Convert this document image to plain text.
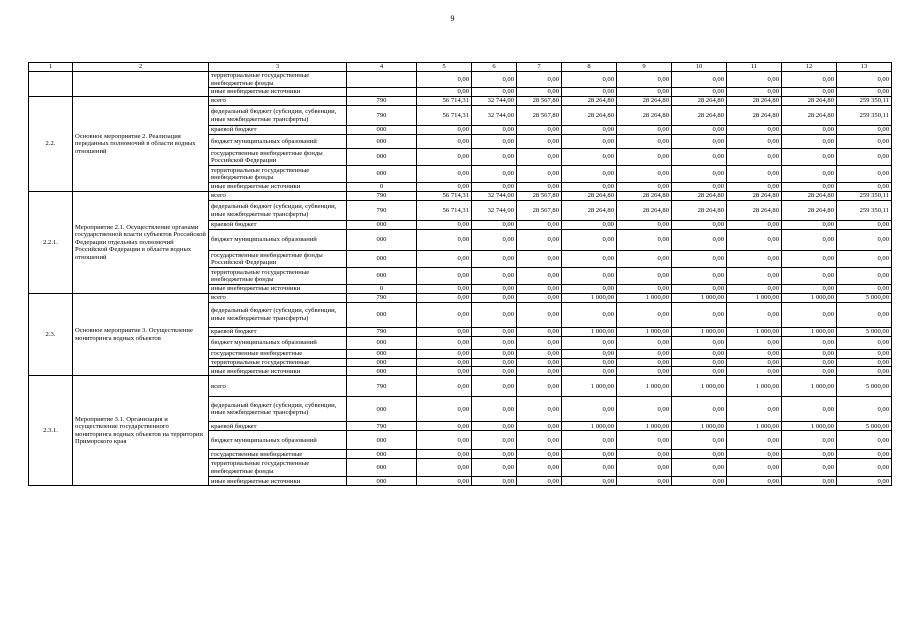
9
1	2	3	4	5	6	7	8	9	10	11	12	13
		территориальные государственные внебюджетные фонды		0,00	0,00	0,00	0,00	0,00	0,00	0,00	0,00	0,00
		иные внебюджетные источники		0,00	0,00	0,00	0,00	0,00	0,00	0,00	0,00	0,00
2.2.	Основное мероприятие 2. Реализация переданных полномочий в области водных отношений	всего	790	56 714,31	32 744,00	28 567,80	28 264,80	28 264,80	28 264,80	28 264,80	28 264,80	259 350,11
		федеральный бюджет (субсидии, субвенции, иные межбюджетные трансферты)	790	56 714,31	32 744,00	28 567,80	28 264,80	28 264,80	28 264,80	28 264,80	28 264,80	259 350,11
		краевой бюджет	000	0,00	0,00	0,00	0,00	0,00	0,00	0,00	0,00	0,00
		бюджет муниципальных образований	000	0,00	0,00	0,00	0,00	0,00	0,00	0,00	0,00	0,00
		государственные внебюджетные фонды Российской Федерации	000	0,00	0,00	0,00	0,00	0,00	0,00	0,00	0,00	0,00
		территориальные государственные внебюджетные фонды	000	0,00	0,00	0,00	0,00	0,00	0,00	0,00	0,00	0,00
		иные внебюджетные источники	0	0,00	0,00	0,00	0,00	0,00	0,00	0,00	0,00	0,00
2.2.1.	Мероприятие 2.1. Осуществление органами государственной власти субъектов Российской Федерации отдельных полномочий Российской Федерации в области водных отношений	всего	790	56 714,31	32 744,00	28 567,80	28 264,80	28 264,80	28 264,80	28 264,80	28 264,80	259 350,11
		федеральный бюджет (субсидии, субвенции, иные межбюджетные трансферты)	790	56 714,31	32 744,00	28 567,80	28 264,80	28 264,80	28 264,80	28 264,80	28 264,80	259 350,11
		краевой бюджет	000	0,00	0,00	0,00	0,00	0,00	0,00	0,00	0,00	0,00
		бюджет муниципальных образований	000	0,00	0,00	0,00	0,00	0,00	0,00	0,00	0,00	0,00
		государственные внебюджетные фонды Российской Федерации	000	0,00	0,00	0,00	0,00	0,00	0,00	0,00	0,00	0,00
		территориальные государственные внебюджетные фонды	000	0,00	0,00	0,00	0,00	0,00	0,00	0,00	0,00	0,00
		иные внебюджетные источники	0	0,00	0,00	0,00	0,00	0,00	0,00	0,00	0,00	0,00
2.3.	Основное мероприятие 3. Осуществление мониторинга водных объектов	всего	790	0,00	0,00	0,00	1 000,00	1 000,00	1 000,00	1 000,00	1 000,00	5 000,00
		федеральный бюджет (субсидии, субвенции, иные межбюджетные трансферты)	000	0,00	0,00	0,00	0,00	0,00	0,00	0,00	0,00	0,00
		краевой бюджет	790	0,00	0,00	0,00	1 000,00	1 000,00	1 000,00	1 000,00	1 000,00	5 000,00
		бюджет муниципальных образований	000	0,00	0,00	0,00	0,00	0,00	0,00	0,00	0,00	0,00
		государственные внебюджетные	000	0,00	0,00	0,00	0,00	0,00	0,00	0,00	0,00	0,00
		территориальные государственные	000	0,00	0,00	0,00	0,00	0,00	0,00	0,00	0,00	0,00
		иные внебюджетные источники	000	0,00	0,00	0,00	0,00	0,00	0,00	0,00	0,00	0,00
2.3.1.	Мероприятие 3.1. Организация и осуществление государственного мониторинга водных объектов на территории Приморского края	всего	790	0,00	0,00	0,00	1 000,00	1 000,00	1 000,00	1 000,00	1 000,00	5 000,00
		федеральный бюджет (субсидии, субвенции, иные межбюджетные трансферты)	000	0,00	0,00	0,00	0,00	0,00	0,00	0,00	0,00	0,00
		краевой бюджет	790	0,00	0,00	0,00	1 000,00	1 000,00	1 000,00	1 000,00	1 000,00	5 000,00
		бюджет муниципальных образований	000	0,00	0,00	0,00	0,00	0,00	0,00	0,00	0,00	0,00
		государственные внебюджетные	000	0,00	0,00	0,00	0,00	0,00	0,00	0,00	0,00	0,00
		территориальные государственные внебюджетные фонды	000	0,00	0,00	0,00	0,00	0,00	0,00	0,00	0,00	0,00
		иные внебюджетные источники	000	0,00	0,00	0,00	0,00	0,00	0,00	0,00	0,00	0,00
